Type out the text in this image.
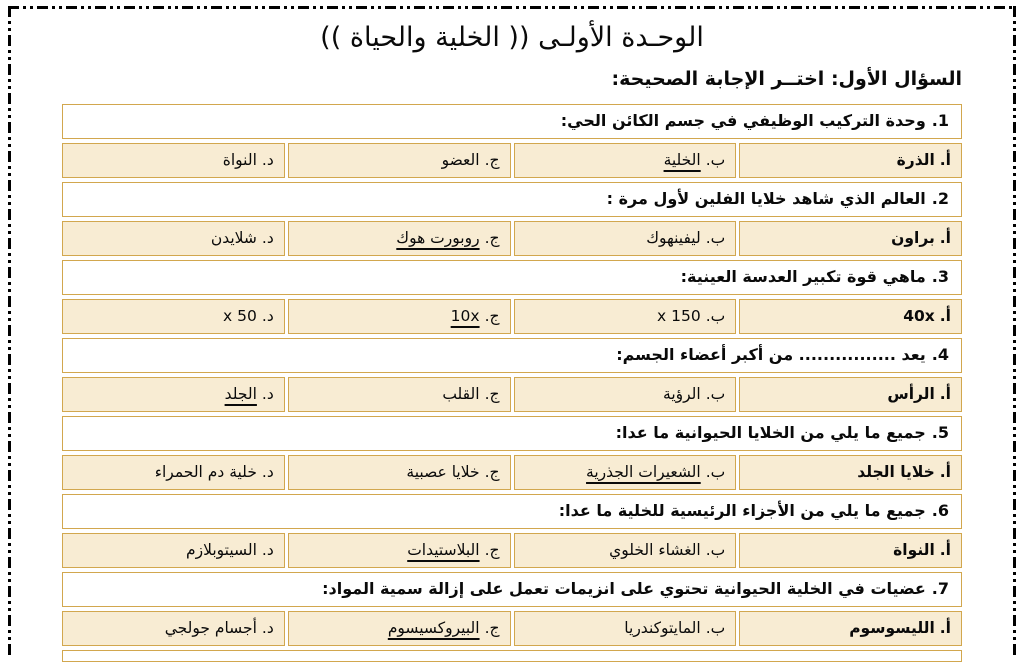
الوحـدة الأولـى (( الخلية والحياة ))
السؤال الأول: اختــر الإجابة الصحيحة:
1.وحدة التركيب الوظيفي في جسم الكائن الحي:
أ.الذرة
ب.الخلية
ج.العضو
د.النواة
2.العالم الذي شاهد خلايا الفلين لأول مرة :
أ.براون
ب.ليفينهوك
ج.روبورت هوك
د.شلايدن
3.ماهي قوة تكبير العدسة العينية:
أ.40x
ب.150 x
ج.10x
د.50 x
4.يعد ................ من أكبر أعضاء الجسم:
أ.الرأس
ب.الرؤية
ج.القلب
د.الجلد
5.جميع ما يلي من الخلايا الحيوانية ما عدا:
أ.خلايا الجلد
ب.الشعيرات الجذرية
ج.خلايا عصبية
د.خلية دم الحمراء
6.جميع ما يلي من الأجزاء الرئيسية للخلية ما عدا:
أ.النواة
ب.الغشاء الخلوي
ج.البلاستيدات
د.السيتوبلازم
7.عضيات في الخلية الحيوانية تحتوي على انزيمات تعمل على إزالة سمية المواد:
أ.الليسوسوم
ب.المايتوكندريا
ج.البيروكسيسوم
د.أجسام جولجي
